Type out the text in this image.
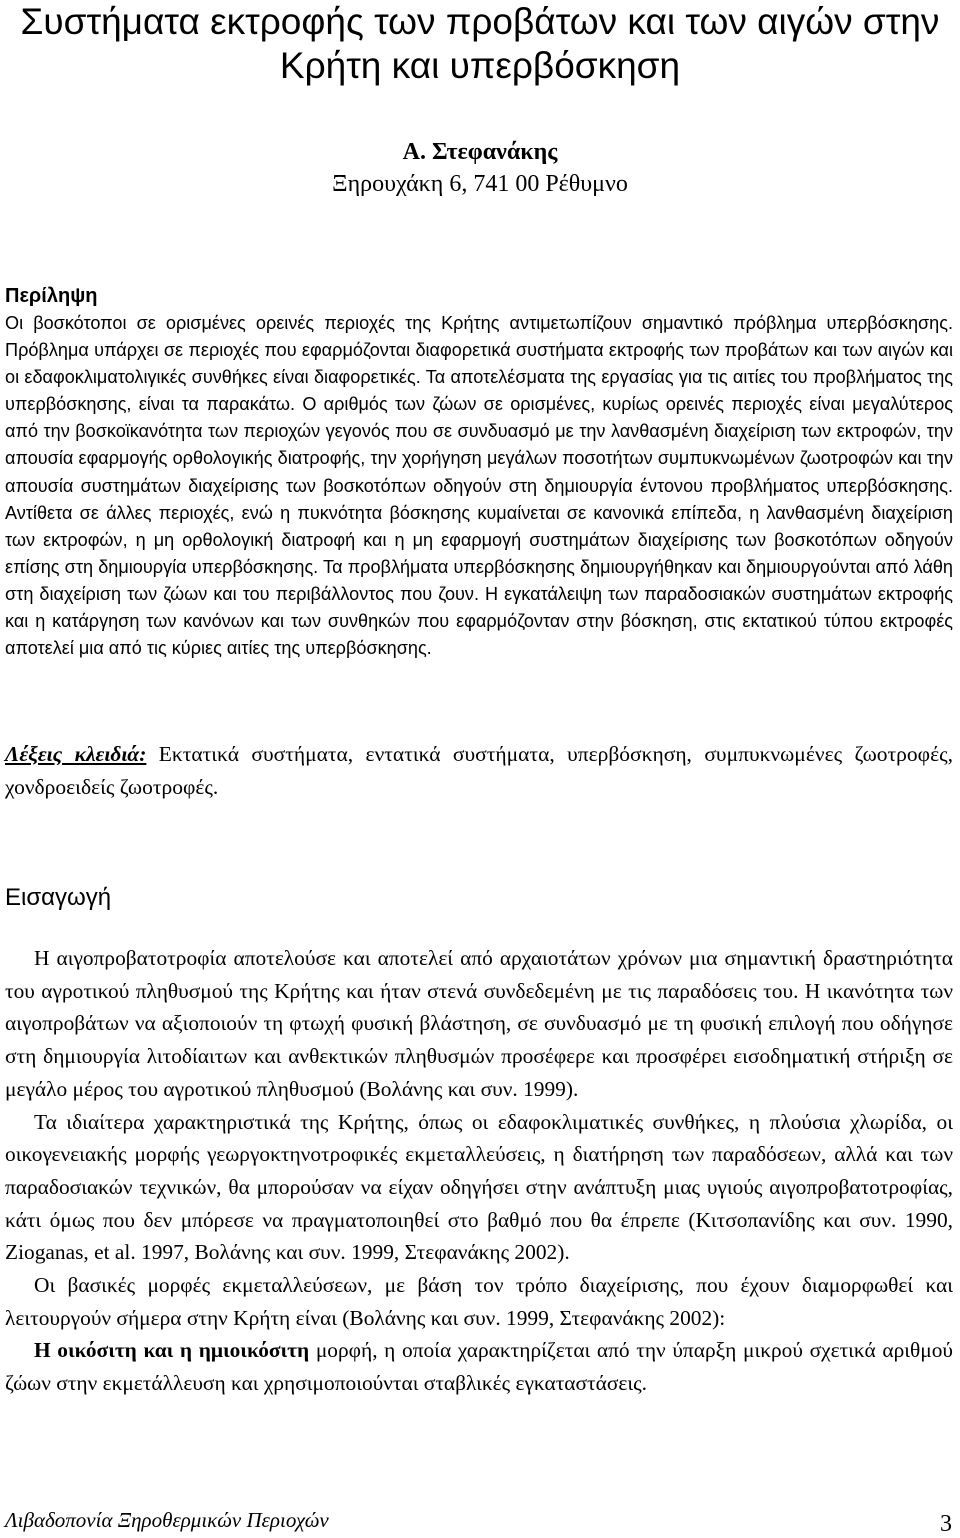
Συστήματα εκτροφής των προβάτων και των αιγών στην Κρήτη και υπερβόσκηση
Α. Στεφανάκης
Ξηρουχάκη 6, 741 00 Ρέθυμνο
Περίληψη
Οι βοσκότοποι σε ορισμένες ορεινές περιοχές της Κρήτης αντιμετωπίζουν σημαντικό πρόβλημα υπερβόσκησης. Πρόβλημα υπάρχει σε περιοχές που εφαρμόζονται διαφορετικά συστήματα εκτροφής των προβάτων και των αιγών και οι εδαφοκλιματολιγικές συνθήκες είναι διαφορετικές. Τα αποτελέσματα της εργασίας για τις αιτίες του προβλήματος της υπερβόσκησης, είναι τα παρακάτω. Ο αριθμός των ζώων σε ορισμένες, κυρίως ορεινές περιοχές είναι μεγαλύτερος από την βοσκοϊκανότητα των περιοχών γεγονός που σε συνδυασμό με την λανθασμένη διαχείριση των εκτροφών, την απουσία εφαρμογής ορθολογικής διατροφής, την χορήγηση μεγάλων ποσοτήτων συμπυκνωμένων ζωοτροφών και την απουσία συστημάτων διαχείρισης των βοσκοτόπων οδηγούν στη δημιουργία έντονου προβλήματος υπερβόσκησης. Αντίθετα σε άλλες περιοχές, ενώ η πυκνότητα βόσκησης κυμαίνεται σε κανονικά επίπεδα, η λανθασμένη διαχείριση των εκτροφών, η μη ορθολογική διατροφή και η μη εφαρμογή συστημάτων διαχείρισης των βοσκοτόπων οδηγούν επίσης στη δημιουργία υπερβόσκησης. Τα προβλήματα υπερβόσκησης δημιουργήθηκαν και δημιουργούνται από λάθη στη διαχείριση των ζώων και του περιβάλλοντος που ζουν. Η εγκατάλειψη των παραδοσιακών συστημάτων εκτροφής και η κατάργηση των κανόνων και των συνθηκών που εφαρμόζονταν στην βόσκηση, στις εκτατικού τύπου εκτροφές αποτελεί μια από τις κύριες αιτίες της υπερβόσκησης.
Λέξεις κλειδιά: Εκτατικά συστήματα, εντατικά συστήματα, υπερβόσκηση, συμπυκνωμένες ζωοτροφές, χονδροειδείς ζωοτροφές.
Εισαγωγή

Η αιγοπροβατοτροφία αποτελούσε και αποτελεί από αρχαιοτάτων χρόνων μια σημαντική δραστηριότητα του αγροτικού πληθυσμού της Κρήτης και ήταν στενά συνδεδεμένη με τις παραδόσεις του. Η ικανότητα των αιγοπροβάτων να αξιοποιούν τη φτωχή φυσική βλάστηση, σε συνδυασμό με τη φυσική επιλογή που οδήγησε στη δημιουργία λιτοδίαιτων και ανθεκτικών πληθυσμών προσέφερε και προσφέρει εισοδηματική στήριξη σε μεγάλο μέρος του αγροτικού πληθυσμού (Βολάνης και συν. 1999).

Τα ιδιαίτερα χαρακτηριστικά της Κρήτης, όπως οι εδαφοκλιματικές συνθήκες, η πλούσια χλωρίδα, οι οικογενειακής μορφής γεωργοκτηνοτροφικές εκμεταλλεύσεις, η διατήρηση των παραδόσεων, αλλά και των παραδοσιακών τεχνικών, θα μπορούσαν να είχαν οδηγήσει στην ανάπτυξη μιας υγιούς αιγοπροβατοτροφίας, κάτι όμως που δεν μπόρεσε να πραγματοποιηθεί στο βαθμό που θα έπρεπε (Κιτσοπανίδης και συν. 1990, Zioganas, et al. 1997, Βολάνης και συν. 1999, Στεφανάκης 2002).

Οι βασικές μορφές εκμεταλλεύσεων, με βάση τον τρόπο διαχείρισης, που έχουν διαμορφωθεί και λειτουργούν σήμερα στην Κρήτη είναι (Βολάνης και συν. 1999, Στεφανάκης 2002):

Η οικόσιτη και η ημιοικόσιτη μορφή, η οποία χαρακτηρίζεται από την ύπαρξη μικρού σχετικά αριθμού ζώων στην εκμετάλλευση και χρησιμοποιούνται σταβλικές εγκαταστάσεις.

Λιβαδοπονία Ξηροθερμικών Περιοχών	3
